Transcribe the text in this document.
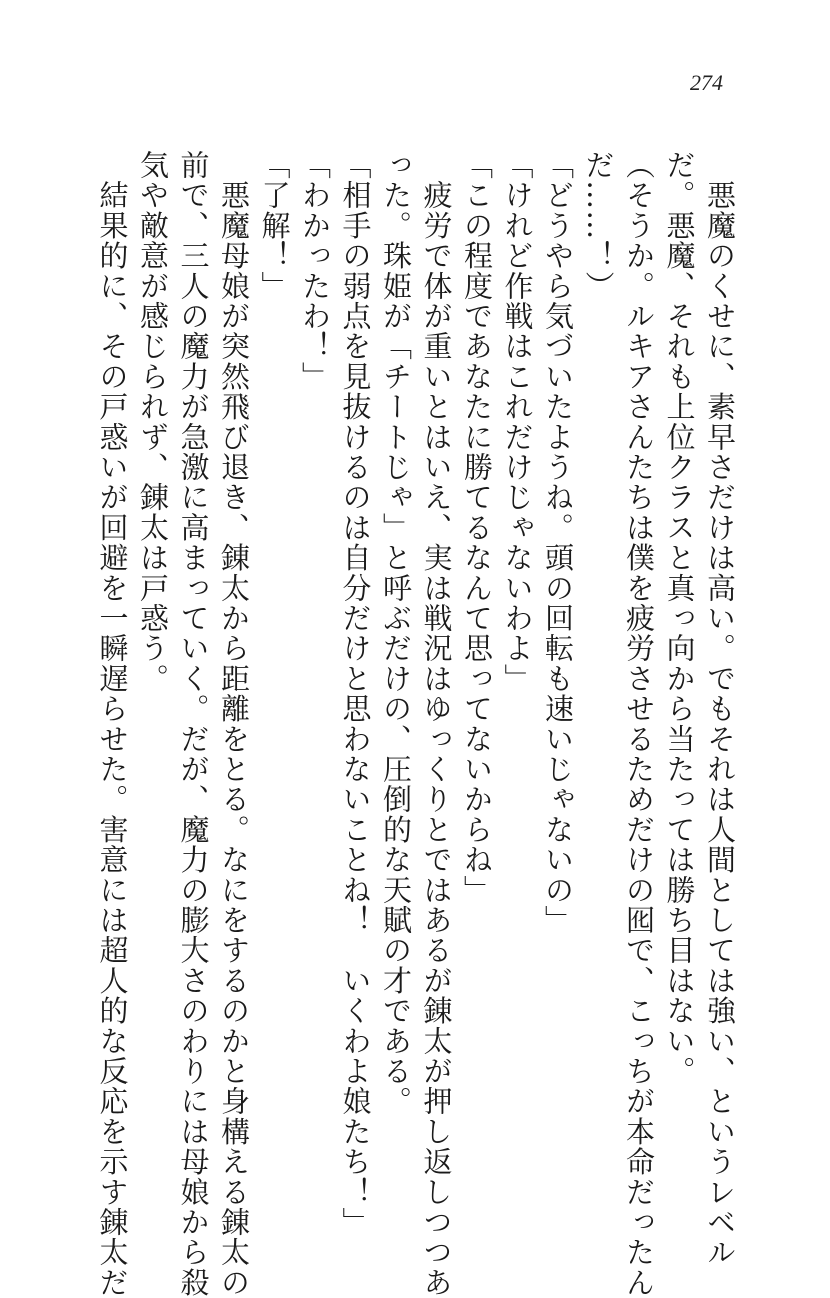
274
　悪魔のくせに、素早さだけは高い。でもそれは人間としては強い、というレベル
だ。悪魔、それも上位クラスと真っ向から当たっては勝ち目はない。
（そうか。ルキアさんたちは僕を疲労させるためだけの囮で、こっちが本命だったん
だ……！）
「どうやら気づいたようね。頭の回転も速いじゃないの」
「けれど作戦はこれだけじゃないわよ」
「この程度であなたに勝てるなんて思ってないからね」
　疲労で体が重いとはいえ、実は戦況はゆっくりとではあるが錬太が押し返しつつあ
った。珠姫が「チートじゃ」と呼ぶだけの、圧倒的な天賦の才である。
「相手の弱点を見抜けるのは自分だけと思わないことね！　いくわよ娘たち！」
「わかったわ！」
「了解！」
　悪魔母娘が突然飛び退き、錬太から距離をとる。なにをするのかと身構える錬太の
前で、三人の魔力が急激に高まっていく。だが、魔力の膨大さのわりには母娘から殺
気や敵意が感じられず、錬太は戸惑う。
　結果的に、その戸惑いが回避を一瞬遅らせた。害意には超人的な反応を示す錬太だ
